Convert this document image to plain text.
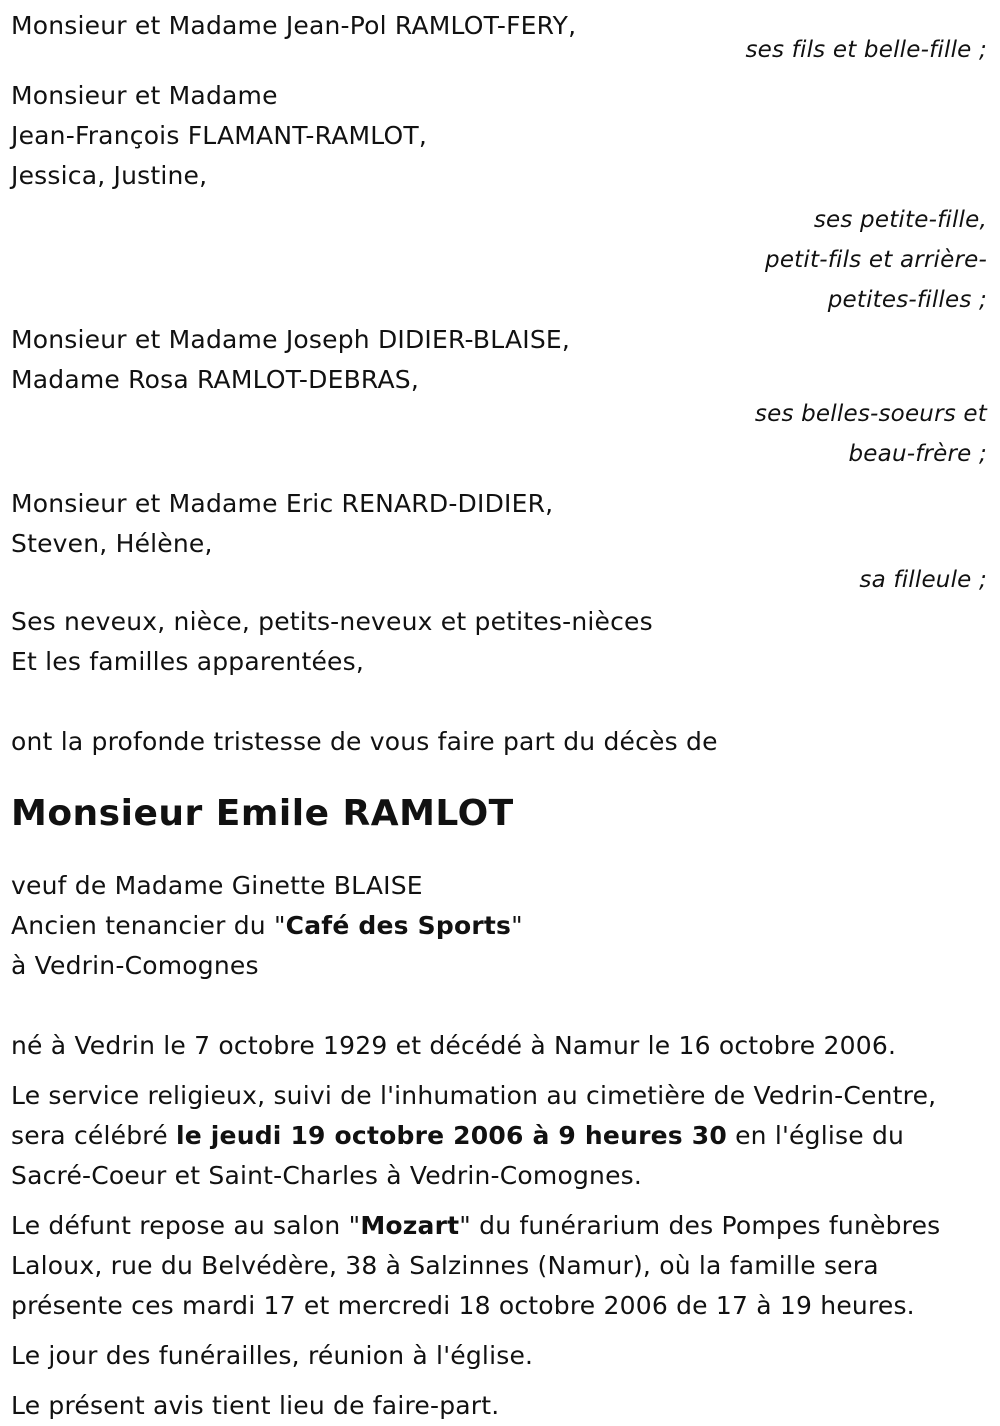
Monsieur et Madame Jean-Pol RAMLOT-FERY,
ses fils et belle-fille ;
Monsieur et Madame
Jean-François FLAMANT-RAMLOT,
Jessica, Justine,
ses petite-fille,
petit-fils et arrière-
petites-filles ;
Monsieur et Madame Joseph DIDIER-BLAISE,
Madame Rosa RAMLOT-DEBRAS,
ses belles-soeurs et
beau-frère ;
Monsieur et Madame Eric RENARD-DIDIER,
Steven, Hélène,
sa filleule ;
Ses neveux, nièce, petits-neveux et petites-nièces
Et les familles apparentées,
ont la profonde tristesse de vous faire part du décès de
Monsieur Emile RAMLOT
veuf de Madame Ginette BLAISE
Ancien tenancier du "Café des Sports"
à Vedrin-Comognes
né à Vedrin le 7 octobre 1929 et décédé à Namur le 16 octobre 2006.
Le service religieux, suivi de l'inhumation au cimetière de Vedrin-Centre,
sera célébré le jeudi 19 octobre 2006 à 9 heures 30 en l'église du
Sacré-Coeur et Saint-Charles à Vedrin-Comognes.
Le défunt repose au salon "Mozart" du funérarium des Pompes funèbres
Laloux, rue du Belvédère, 38 à Salzinnes (Namur), où la famille sera
présente ces mardi 17 et mercredi 18 octobre 2006 de 17 à 19 heures.
Le jour des funérailles, réunion à l'église.
Le présent avis tient lieu de faire-part.
